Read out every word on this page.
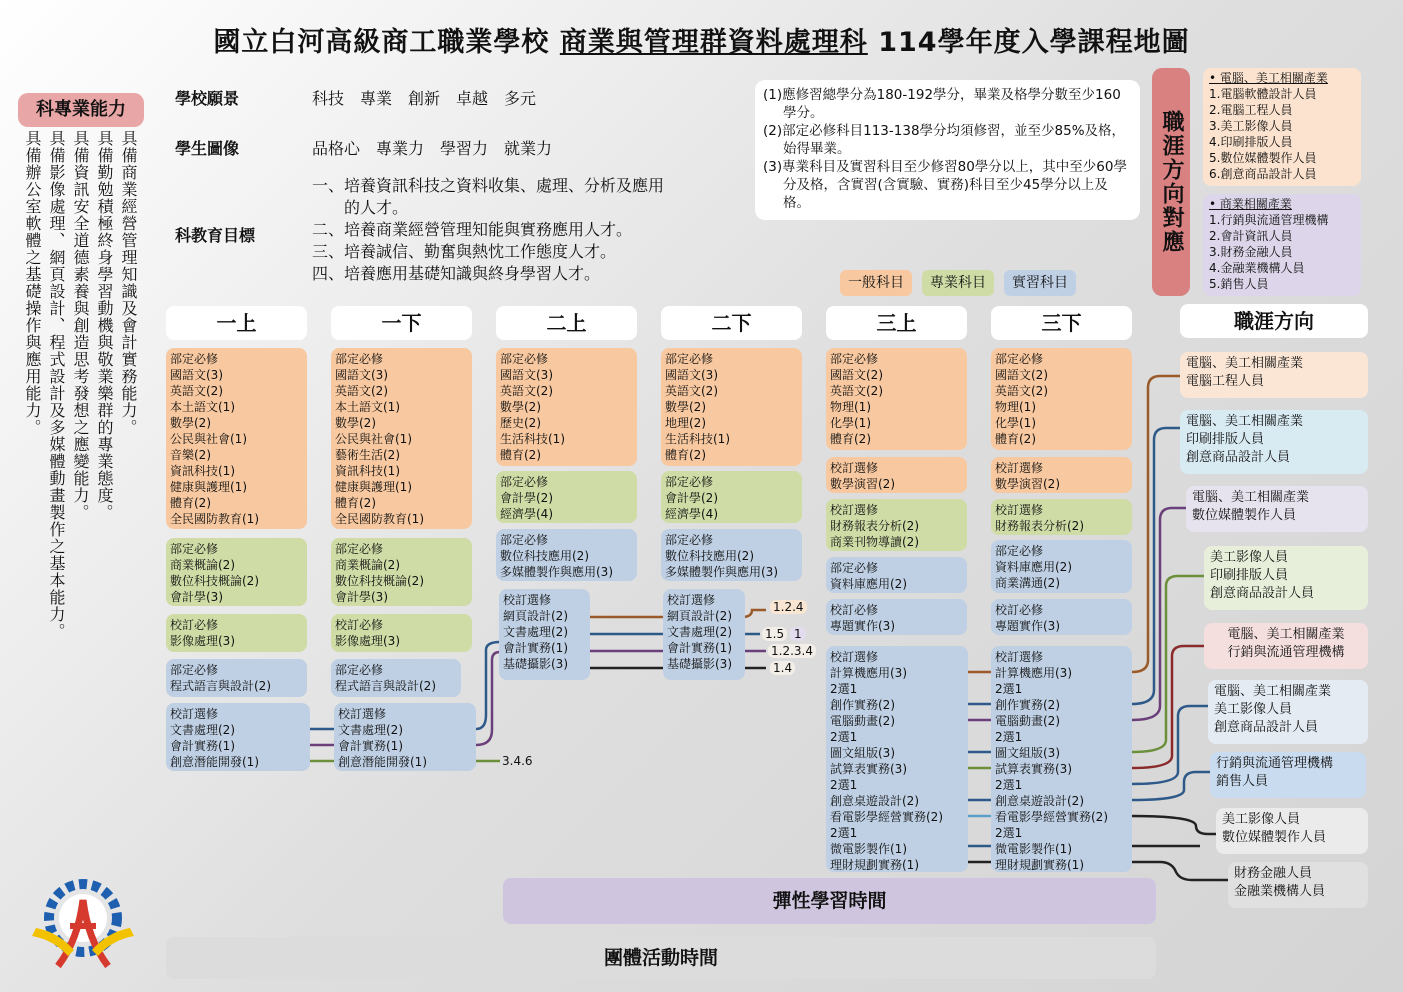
國立白河高級商工職業學校 商業與管理群資料處理科 114學年度入學課程地圖
科專業能力
具備商業經營管理知識及會計實務能力。
具備勤勉積極終身學習動機與敬業樂群的專業態度。
具備資訊安全道德素養與創造思考發想之應變能力。
具備影像處理、網頁設計、程式設計及多媒體動畫製作之基本能力。
具備辦公室軟體之基礎操作與應用能力。
學校願景	科技　專業　創新　卓越　多元
學生圖像	品格心　專業力　學習力　就業力
科教育目標
一、培養資訊科技之資料收集、處理、分析及應用
　　的人才。
二、培養商業經營管理知能與實務應用人才。
三、培養誠信、勤奮與熱忱工作態度人才。
四、培養應用基礎知識與終身學習人才。

(1)應修習總學分為180-192學分，畢業及格學分數至少160學分。

(2)部定必修科目113-138學分均須修習，並至少85%及格，始得畢業。

(3)專業科目及實習科目至少修習80學分以上，其中至少60學分及格，含實習(含實驗、實務)科目至少45學分以上及格。	職涯方向對應
• 電腦、美工相關產業
1.電腦軟體設計人員
2.電腦工程人員
3.美工影像人員
4.印刷排版人員
5.數位媒體製作人員
6.創意商品設計人員
• 商業相關產業
1.行銷與流通管理機構
2.會計資訊人員
3.財務金融人員
4.金融業機構人員
5.銷售人員
一般科目	專業科目	實習科目
一上	一下	二上	二下	三上	三下	職涯方向
1.2.4
1.5 1
1.2.3.4
1.4
3.4.6
部定必修
國語文(3)
英語文(2)
本土語文(1)
數學(2)
公民與社會(1)
音樂(2)
資訊科技(1)
健康與護理(1)
體育(2)
全民國防教育(1)
部定必修
商業概論(2)
數位科技概論(2)
會計學(3)
校訂必修
影像處理(3)
部定必修
程式語言與設計(2)
校訂選修
文書處理(2)
會計實務(1)
創意潛能開發(1)
部定必修
國語文(3)
英語文(2)
本土語文(1)
數學(2)
公民與社會(1)
藝術生活(2)
資訊科技(1)
健康與護理(1)
體育(2)
全民國防教育(1)
部定必修
商業概論(2)
數位科技概論(2)
會計學(3)
校訂必修
影像處理(3)
部定必修
程式語言與設計(2)
校訂選修
文書處理(2)
會計實務(1)
創意潛能開發(1)
部定必修
國語文(3)
英語文(2)
數學(2)
歷史(2)
生活科技(1)
體育(2)
部定必修
會計學(2)
經濟學(4)
部定必修
數位科技應用(2)
多媒體製作與應用(3)
校訂選修
網頁設計(2)
文書處理(2)
會計實務(1)
基礎攝影(3)
部定必修
國語文(3)
英語文(2)
數學(2)
地理(2)
生活科技(1)
體育(2)
部定必修
會計學(2)
經濟學(4)
部定必修
數位科技應用(2)
多媒體製作與應用(3)
校訂選修
網頁設計(2)
文書處理(2)
會計實務(1)
基礎攝影(3)
部定必修
國語文(2)
英語文(2)
物理(1)
化學(1)
體育(2)
校訂選修
數學演習(2)
校訂選修
財務報表分析(2)
商業刊物導讀(2)
部定必修
資料庫應用(2)
校訂必修
專題實作(3)
校訂選修
計算機應用(3)
2選1
創作實務(2)
電腦動畫(2)
2選1
圖文組版(3)
試算表實務(3)
2選1
創意桌遊設計(2)
看電影學經營實務(2)
2選1
微電影製作(1)
理財規劃實務(1)
部定必修
國語文(2)
英語文(2)
物理(1)
化學(1)
體育(2)
校訂選修
數學演習(2)
校訂選修
財務報表分析(2)
部定必修
資料庫應用(2)
商業溝通(2)
校訂必修
專題實作(3)
校訂選修
計算機應用(3)
2選1
創作實務(2)
電腦動畫(2)
2選1
圖文組版(3)
試算表實務(3)
2選1
創意桌遊設計(2)
看電影學經營實務(2)
2選1
微電影製作(1)
理財規劃實務(1)
電腦、美工相關產業
電腦工程人員
電腦、美工相關產業
印刷排版人員
創意商品設計人員
電腦、美工相關產業
數位媒體製作人員
美工影像人員
印刷排版人員
創意商品設計人員
電腦、美工相關產業
行銷與流通管理機構
電腦、美工相關產業
美工影像人員
創意商品設計人員
行銷與流通管理機構
銷售人員
美工影像人員
數位媒體製作人員
財務金融人員
金融業機構人員
彈性學習時間
團體活動時間
